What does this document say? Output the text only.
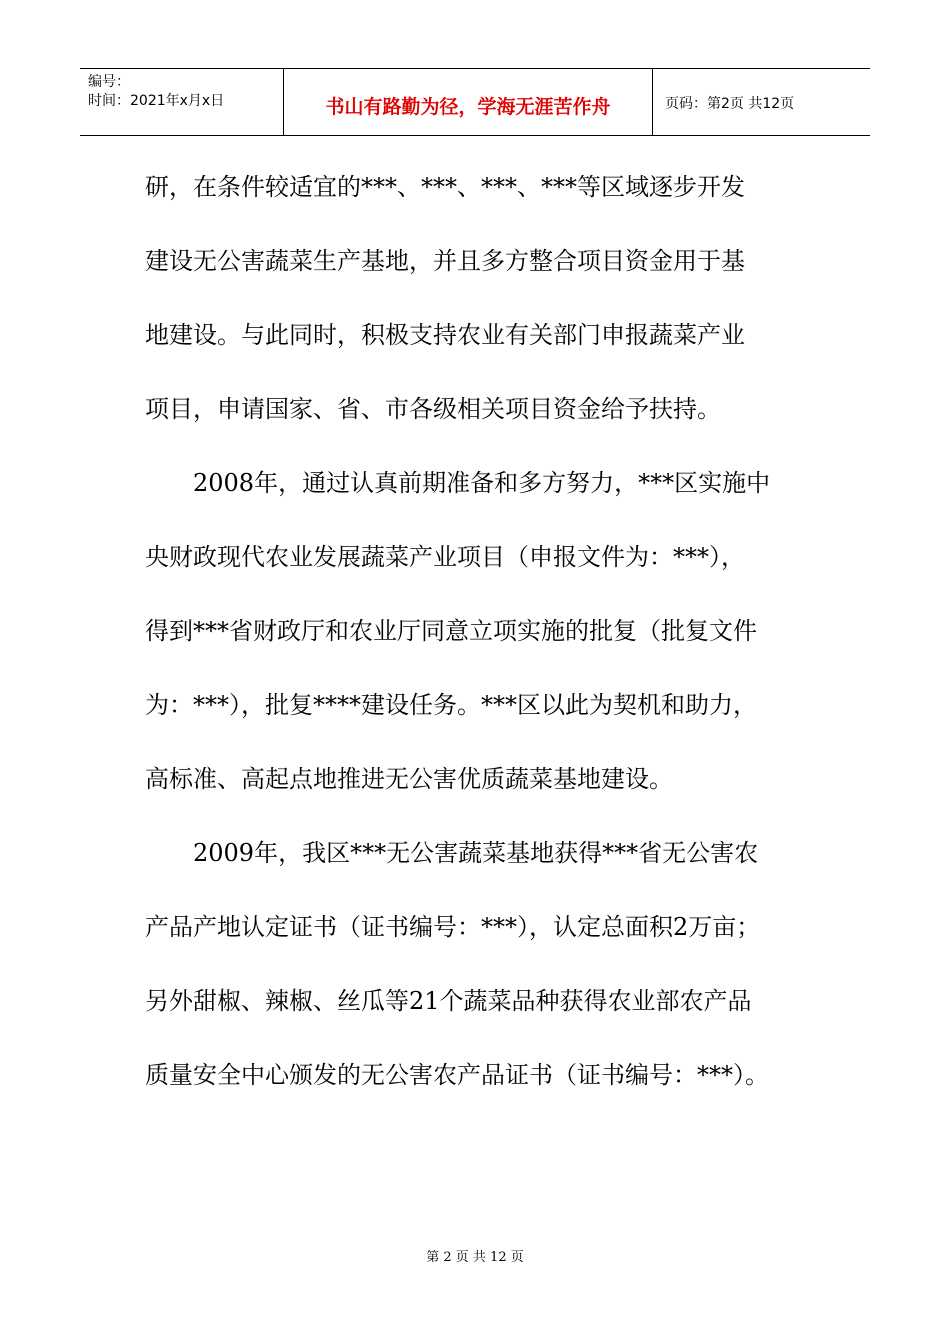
编号：
时间：2021年x月x日	书山有路勤为径，学海无涯苦作舟	页码：第2页 共12页
研，在条件较适宜的***、***、***、***等区域逐步开发
建设无公害蔬菜生产基地，并且多方整合项目资金用于基
地建设。与此同时，积极支持农业有关部门申报蔬菜产业
项目，申请国家、省、市各级相关项目资金给予扶持。
2008年，通过认真前期准备和多方努力，***区实施中
央财政现代农业发展蔬菜产业项目（申报文件为：***），
得到***省财政厅和农业厅同意立项实施的批复（批复文件
为：***），批复****建设任务。***区以此为契机和助力，
高标准、高起点地推进无公害优质蔬菜基地建设。
2009年，我区***无公害蔬菜基地获得***省无公害农
产品产地认定证书（证书编号：***），认定总面积2万亩；
另外甜椒、辣椒、丝瓜等21个蔬菜品种获得农业部农产品
质量安全中心颁发的无公害农产品证书（证书编号：***）。
第 2 页 共 12 页
